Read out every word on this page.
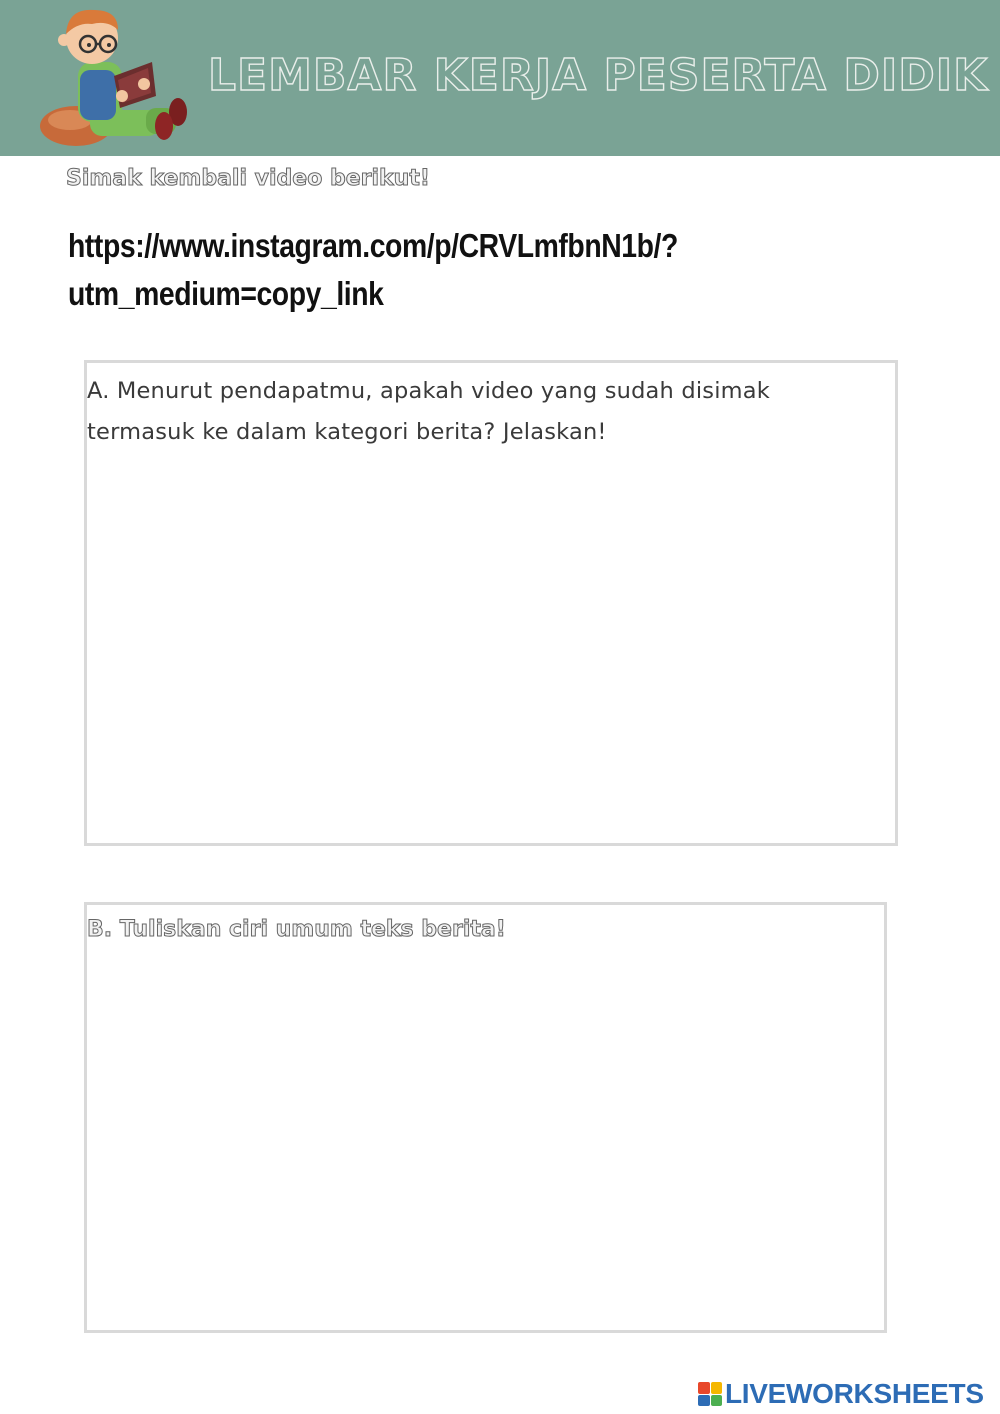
LEMBAR KERJA PESERTA DIDIK
Simak kembali video berikut!
https://www.instagram.com/p/CRVLmfbnN1b/?
utm_medium=copy_link
A. Menurut pendapatmu, apakah video yang sudah disimak
termasuk ke dalam kategori berita? Jelaskan!
B. Tuliskan ciri umum teks berita!
LIVEWORKSHEETS
